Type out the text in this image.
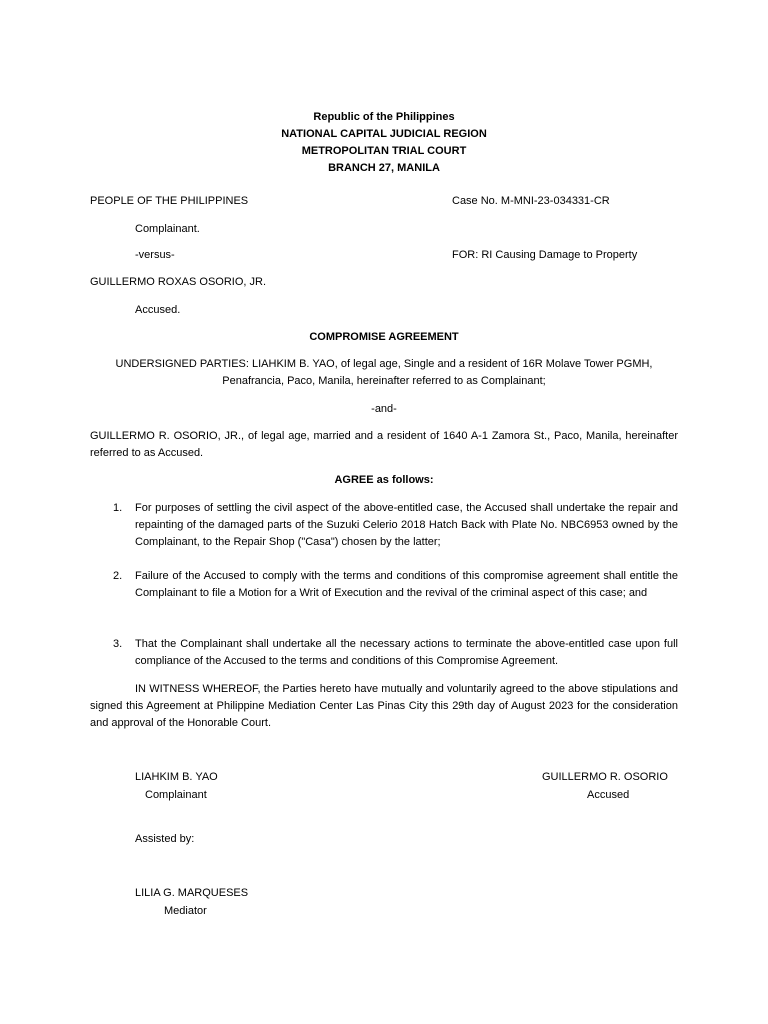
Republic of the Philippines
NATIONAL CAPITAL JUDICIAL REGION
METROPOLITAN TRIAL COURT
BRANCH 27, MANILA
PEOPLE OF THE PHILIPPINES	Case No. M-MNI-23-034331-CR
Complainant.
-versus-	FOR: RI Causing Damage to Property
GUILLERMO ROXAS OSORIO, JR.
Accused.
COMPROMISE AGREEMENT
UNDERSIGNED PARTIES: LIAHKIM B. YAO, of legal age, Single and a resident of 16R Molave Tower PGMH,
Penafrancia, Paco, Manila, hereinafter referred to as Complainant;
-and-
GUILLERMO R. OSORIO, JR., of legal age, married and a resident of 1640 A-1 Zamora St., Paco, Manila, hereinafter referred to as Accused.
AGREE as follows:
1. For purposes of settling the civil aspect of the above-entitled case, the Accused shall undertake the repair and repainting of the damaged parts of the Suzuki Celerio 2018 Hatch Back with Plate No. NBC6953 owned by the Complainant, to the Repair Shop ("Casa") chosen by the latter;
2. Failure of the Accused to comply with the terms and conditions of this compromise agreement shall entitle the Complainant to file a Motion for a Writ of Execution and the revival of the criminal aspect of this case; and
3. That the Complainant shall undertake all the necessary actions to terminate the above-entitled case upon full compliance of the Accused to the terms and conditions of this Compromise Agreement.
IN WITNESS WHEREOF, the Parties hereto have mutually and voluntarily agreed to the above stipulations and signed this Agreement at Philippine Mediation Center Las Pinas City this 29th day of August 2023 for the consideration and approval of the Honorable Court.
LIAHKIM B. YAO
Complainant
GUILLERMO R. OSORIO
Accused
Assisted by:
LILIA G. MARQUESES
Mediator
